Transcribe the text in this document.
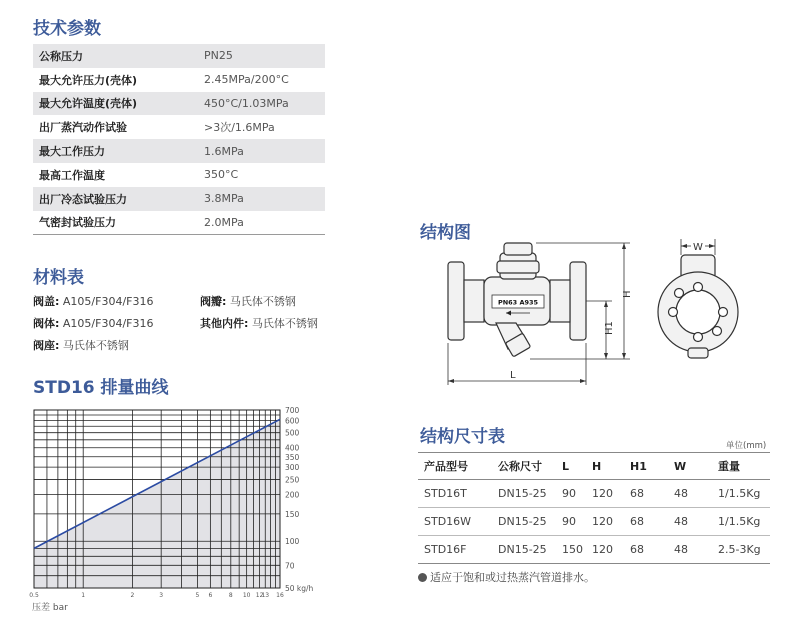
技术参数
公称压力	PN25
最大允许压力(壳体)	2.45MPa/200°C
最大允许温度(壳体)	450°C/1.03MPa
出厂蒸汽动作试验	>3次/1.6MPa
最大工作压力	1.6MPa
最高工作温度	350°C
出厂冷态试验压力	3.8MPa
气密封试验压力	2.0MPa
材料表
阀盖: A105/F304/F316	阀瓣: 马氏体不锈钢
阀体: A105/F304/F316	其他内件: 马氏体不锈钢
阀座: 马氏体不锈钢
STD16 排量曲线
0.5	1	2	3	5 6	8 10 12
13 16
700
600
500
400
350
300
250
200
150
100
70
50 kg/h
压差 bar
结构图
PN63 A935
L
H
H1
W
结构尺寸表	单位(mm)
产品型号	公称尺寸	L	H	H1	W	重量
STD16T	DN15-25	90	120	68	48	1/1.5Kg
STD16W	DN15-25	90	120	68	48	1/1.5Kg
STD16F	DN15-25	150	120	68	48	2.5-3Kg
适应于饱和或过热蒸汽管道排水。
